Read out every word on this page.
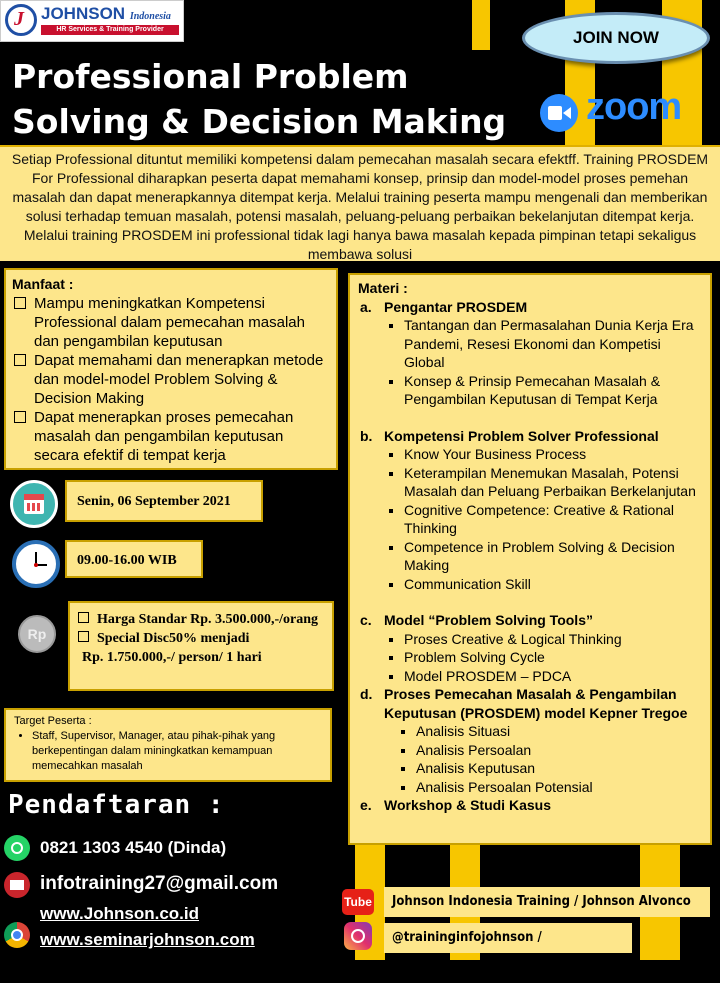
J JOHNSON Indonesia
HR Services & Training Provider
Professional Problem
Solving & Decision Making
JOIN NOW
zoom
Setiap Professional dituntut memiliki kompetensi dalam pemecahan masalah secara efektff. Training PROSDEM For Professional diharapkan peserta dapat memahami konsep, prinsip dan model-model proses pemehan masalah dan dapat menerapkannya ditempat kerja. Melalui training peserta mampu mengenali dan memberikan solusi terhadap temuan masalah, potensi masalah, peluang-peluang perbaikan bekelanjutan ditempat kerja. Melalui training PROSDEM ini professional tidak lagi hanya bawa masalah kepada pimpinan tetapi sekaligus membawa solusi
Manfaat :
Mampu meningkatkan Kompetensi Professional dalam pemecahan masalah dan pengambilan keputusan
Dapat memahami dan menerapkan metode dan model-model Problem Solving & Decision Making
Dapat menerapkan proses pemecahan masalah dan pengambilan keputusan secara efektif di tempat kerja
Senin, 06 September 2021
09.00-16.00 WIB
Rp
Harga Standar Rp. 3.500.000,-/orang
Special Disc50% menjadi
Rp. 1.750.000,-/ person/ 1 hari
Target Peserta :
• Staff, Supervisor, Manager, atau pihak-pihak yang berkepentingan dalam miningkatkan kemampuan memecahkan masalah
Pendaftaran :
0821 1303 4540 (Dinda)
infotraining27@gmail.com
www.Johnson.co.id
www.seminarjohnson.com
Materi :
a. Pengantar PROSDEM
▪ Tantangan dan Permasalahan Dunia Kerja Era Pandemi, Resesi Ekonomi dan Kompetisi Global
▪ Konsep & Prinsip Pemecahan Masalah & Pengambilan Keputusan di Tempat Kerja
b. Kompetensi Problem Solver Professional
▪ Know Your Business Process
▪ Keterampilan Menemukan Masalah, Potensi Masalah dan Peluang Perbaikan Berkelanjutan
▪ Cognitive Competence: Creative & Rational Thinking
▪ Competence in Problem Solving & Decision Making
▪ Communication Skill
c. Model “Problem Solving Tools”
▪ Proses Creative & Logical Thinking
▪ Problem Solving Cycle
▪ Model PROSDEM – PDCA
d. Proses Pemecahan Masalah & Pengambilan Keputusan (PROSDEM) model Kepner Tregoe
▪ Analisis Situasi
▪ Analisis Persoalan
▪ Analisis Keputusan
▪ Analisis Persoalan Potensial
e. Workshop & Studi Kasus
Tube	Johnson Indonesia Training / Johnson Alvonco
@traininginfojohnson / @dinda_ji2002
